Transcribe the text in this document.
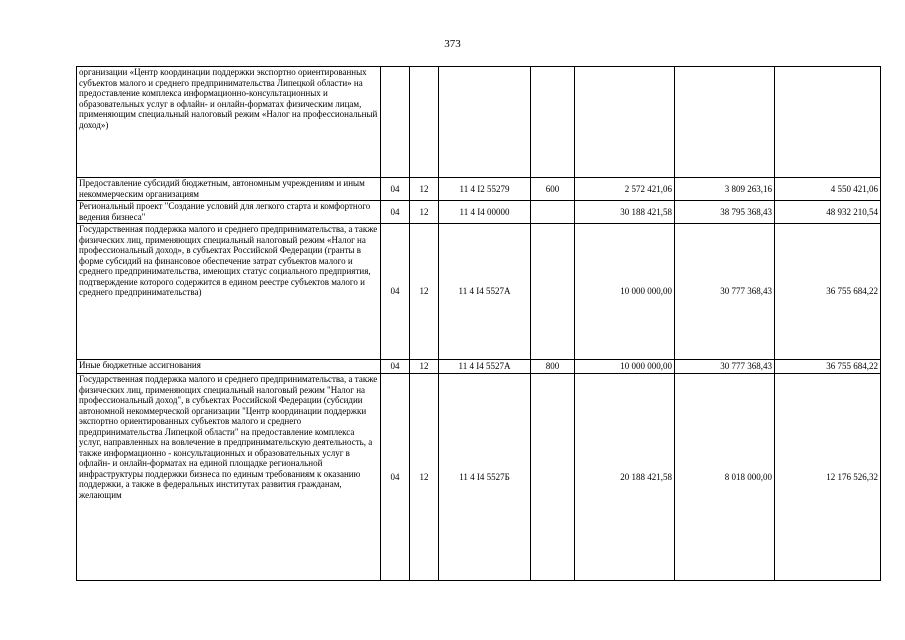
373
организации «Центр координации поддержки экспортно ориентированных субъектов малого и среднего предпринимательства Липецкой области» на предоставление комплекса информационно-консультационных и образовательных услуг в офлайн- и онлайн-форматах физическим лицам, применяющим специальный налоговый режим «Налог на профессиональный доход»)							
Предоставление субсидий бюджетным, автономным учреждениям и иным некоммерческим организациям	04	12	11 4 I2 55279	600	2 572 421,06	3 809 263,16	4 550 421,06
Региональный проект "Создание условий для легкого старта и комфортного ведения бизнеса"	04	12	11 4 I4 00000		30 188 421,58	38 795 368,43	48 932 210,54
Государственная поддержка малого и среднего предпринимательства, а также физических лиц, применяющих специальный налоговый режим «Налог на профессиональный доход», в субъектах Российской Федерации (гранты в форме субсидий на финансовое обеспечение затрат субъектов малого и среднего предпринимательства, имеющих статус социального предприятия, подтверждение которого содержится в едином реестре субъектов малого и среднего предпринимательства)	04	12	11 4 I4 5527А		10 000 000,00	30 777 368,43	36 755 684,22
Иные бюджетные ассигнования	04	12	11 4 I4 5527А	800	10 000 000,00	30 777 368,43	36 755 684,22
Государственная поддержка малого и среднего предпринимательства, а также физических лиц, применяющих специальный налоговый режим "Налог на профессиональный доход", в субъектах Российской Федерации (субсидии автономной некоммерческой организации "Центр координации поддержки экспортно ориентированных субъектов малого и среднего предпринимательства Липецкой области" на предоставление комплекса услуг, направленных на вовлечение в предпринимательскую деятельность, а также информационно - консультационных и образовательных услуг в офлайн- и онлайн-форматах на единой площадке региональной инфраструктуры поддержки бизнеса по единым требованиям к оказанию поддержки, а также в федеральных институтах развития гражданам, желающим	04	12	11 4 I4 5527Б		20 188 421,58	8 018 000,00	12 176 526,32
